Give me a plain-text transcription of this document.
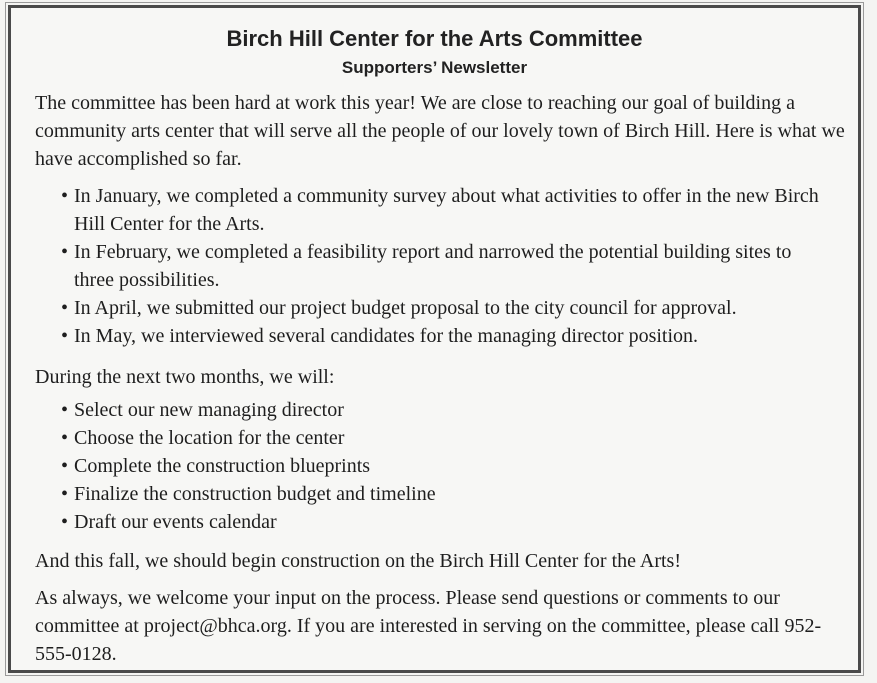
Birch Hill Center for the Arts Committee
Supporters’ Newsletter

The committee has been hard at work this year! We are close to reaching our goal of building a community arts center that will serve all the people of our lovely town of Birch Hill. Here is what we have accomplished so far.

• In January, we completed a community survey about what activities to offer in the new Birch Hill Center for the Arts.
• In February, we completed a feasibility report and narrowed the potential building sites to three possibilities.
• In April, we submitted our project budget proposal to the city council for approval.
• In May, we interviewed several candidates for the managing director position.

During the next two months, we will:

• Select our new managing director
• Choose the location for the center
• Complete the construction blueprints
• Finalize the construction budget and timeline
• Draft our events calendar

And this fall, we should begin construction on the Birch Hill Center for the Arts!

As always, we welcome your input on the process. Please send questions or comments to our committee at project@bhca.org. If you are interested in serving on the committee, please call 952-555-0128.
